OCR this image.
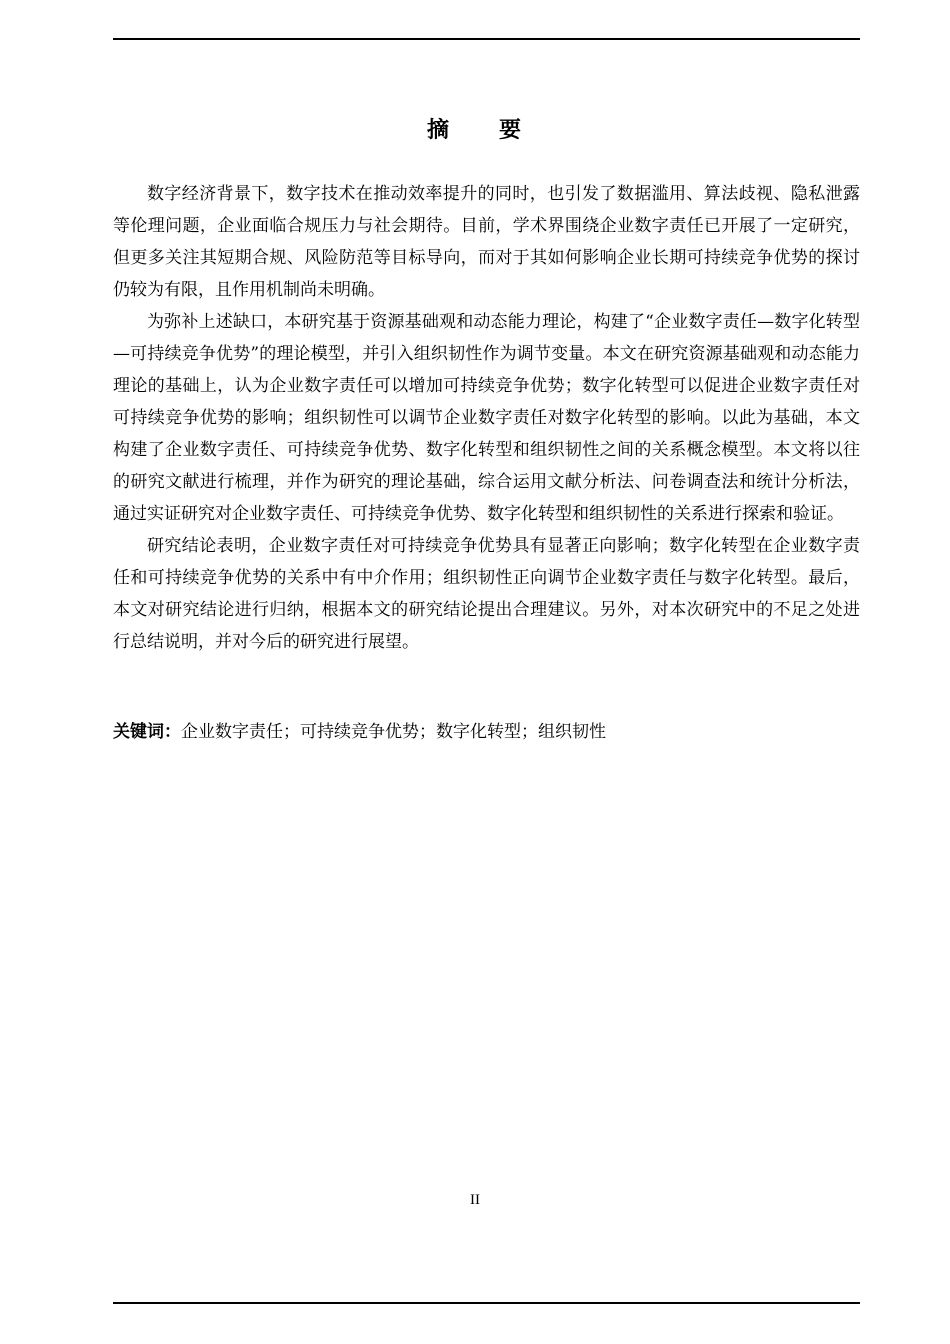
摘 要

数字经济背景下，数字技术在推动效率提升的同时，也引发了数据滥用、算法歧视、隐私泄露等伦理问题，企业面临合规压力与社会期待。目前，学术界围绕企业数字责任已开展了一定研究，但更多关注其短期合规、风险防范等目标导向，而对于其如何影响企业长期可持续竞争优势的探讨仍较为有限，且作用机制尚未明确。

为弥补上述缺口，本研究基于资源基础观和动态能力理论，构建了“企业数字责任—数字化转型—可持续竞争优势”的理论模型，并引入组织韧性作为调节变量。本文在研究资源基础观和动态能力理论的基础上，认为企业数字责任可以增加可持续竞争优势；数字化转型可以促进企业数字责任对可持续竞争优势的影响；组织韧性可以调节企业数字责任对数字化转型的影响。以此为基础，本文构建了企业数字责任、可持续竞争优势、数字化转型和组织韧性之间的关系概念模型。本文将以往的研究文献进行梳理，并作为研究的理论基础，综合运用文献分析法、问卷调查法和统计分析法，通过实证研究对企业数字责任、可持续竞争优势、数字化转型和组织韧性的关系进行探索和验证。

研究结论表明，企业数字责任对可持续竞争优势具有显著正向影响；数字化转型在企业数字责任和可持续竞争优势的关系中有中介作用；组织韧性正向调节企业数字责任与数字化转型。最后，本文对研究结论进行归纳，根据本文的研究结论提出合理建议。另外，对本次研究中的不足之处进行总结说明，并对今后的研究进行展望。

关键词：企业数字责任；可持续竞争优势；数字化转型；组织韧性
II
